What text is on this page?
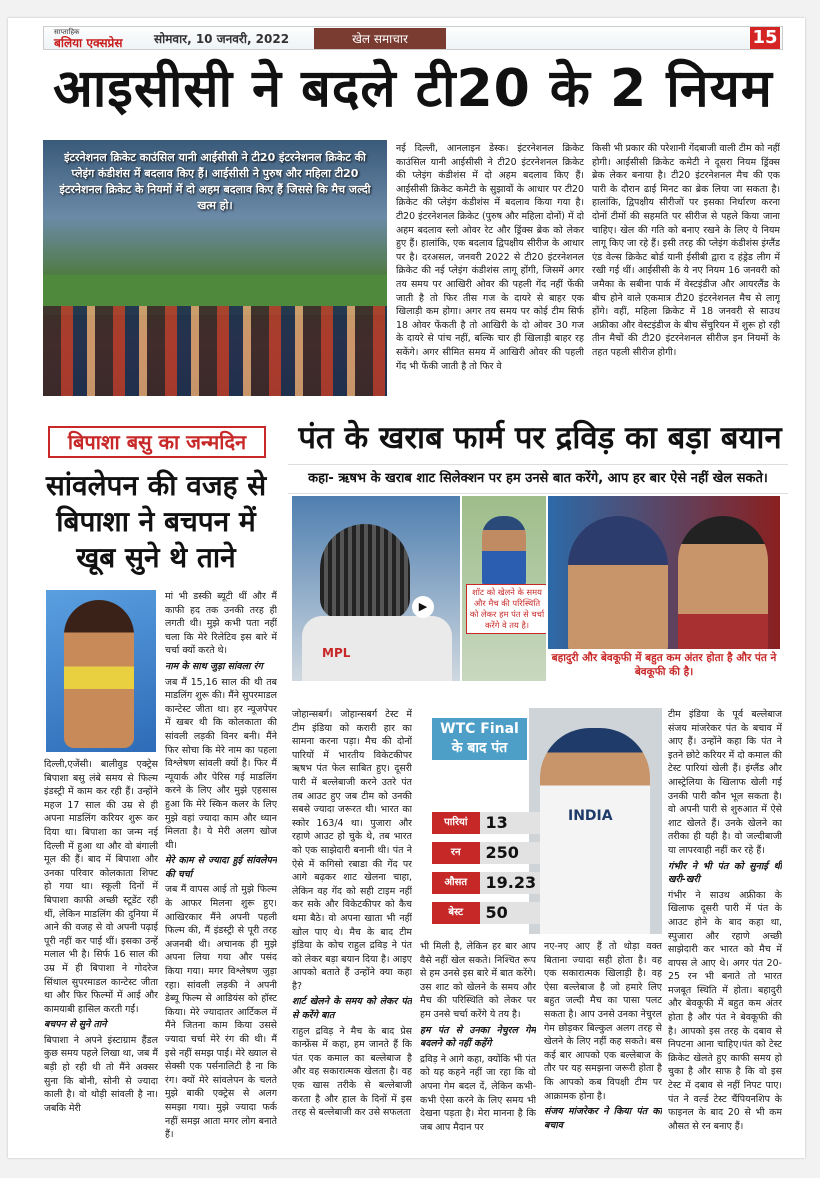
साप्ताहिक
बलिया एक्सप्रेस	सोमवार, 10 जनवरी, 2022	खेल समाचार	15
आइसीसी ने बदले टी20 के 2 नियम
इंटरनेशनल क्रिकेट काउंसिल यानी आईसीसी ने टी20 इंटरनेशनल क्रिकेट की प्लेइंग कंडीशंस में बदलाव किए हैं। आईसीसी ने पुरुष और महिला टी20 इंटरनेशनल क्रिकेट के नियमों में दो अहम बदलाव किए हैं जिससे कि मैच जल्दी खत्म हो।

नई दिल्ली, आनलाइन डेस्क। इंटरनेशनल क्रिकेट काउंसिल यानी आईसीसी ने टी20 इंटरनेशनल क्रिकेट की प्लेइंग कंडीशंस में दो अहम बदलाव किए हैं। आईसीसी क्रिकेट कमेटी के सुझावों के आधार पर टी20 क्रिकेट की प्लेइंग कंडीशंस में बदलाव किया गया है। टी20 इंटरनेशनल क्रिकेट (पुरुष और महिला दोनों) में दो अहम बदलाव स्लो ओवर रेट और ड्रिंक्स ब्रेक को लेकर हुए हैं। हालांकि, एक बदलाव द्विपक्षीय सीरीज के आधार पर है। दरअसल, जनवरी 2022 से टी20 इंटरनेशनल क्रिकेट की नई प्लेइंग कंडीशंस लागू होंगी, जिसमें अगर तय समय पर आखिरी ओवर की पहली गेंद नहीं फेंकी जाती है तो फिर तीस गज के दायरे से बाहर एक खिलाड़ी कम होगा। अगर तय समय पर कोई टीम सिर्फ 18 ओवर फेंकती है तो आखिरी के दो ओवर 30 गज के दायरे से पांच नहीं, बल्कि चार ही खिलाड़ी बाहर रह सकेंगे। अगर सीमित समय में आखिरी ओवर की पहली गेंद भी फेंकी जाती है तो फिर वे

किसी भी प्रकार की परेशानी गेंदबाजी वाली टीम को नहीं होगी। आईसीसी क्रिकेट कमेटी ने दूसरा नियम ड्रिंक्स ब्रेक लेकर बनाया है। टी20 इंटरनेशनल मैच की एक पारी के दौरान ढाई मिनट का ब्रेक लिया जा सकता है। हालांकि, द्विपक्षीय सीरीजों पर इसका निर्धारण करना दोनों टीमों की सहमति पर सीरीज से पहले किया जाना चाहिए। खेल की गति को बनाए रखने के लिए ये नियम लागू किए जा रहे हैं। इसी तरह की प्लेइंग कंडीशंस इंग्लैंड एंड वेल्स क्रिकेट बोर्ड यानी ईसीबी द्वारा द हंड्रेड लीग में रखी गई थीं। आईसीसी के ये नए नियम 16 जनवरी को जमैका के सबीना पार्क में वेस्टइंडीज और आयरलैंड के बीच होने वाले एकमात्र टी20 इंटरनेशनल मैच से लागू होंगे। वहीं, महिला क्रिकेट में 18 जनवरी से साउथ अफ्रीका और वेस्टइंडीज के बीच सेंचुरियन में शुरू हो रही तीन मैचों की टी20 इंटरनेशनल सीरीज इन नियमों के तहत पहली सीरीज होगी।

बिपाशा बसु का जन्मदिन
सांवलेपन की वजह से बिपाशा ने बचपन में खूब सुने थे ताने

मां भी डस्की ब्यूटी थीं और मैं काफी हद तक उनकी तरह ही लगती थी। मुझे कभी पता नहीं चला कि मेरे रिलेटिव इस बारे में चर्चा क्यों करते थे।

नाम के साथ जुड़ा सांवला रंग

जब मैं 15,16 साल की थी तब माडलिंग शुरू की। मैंने सुपरमाडल कान्टेस्ट जीता था। हर न्यूजपेपर में खबर थी कि कोलकाता की सांवली लड़की विनर बनी। मैंने फिर सोचा कि मेरे नाम का पहला विश्लेषण सांवली क्यों है। फिर मैं न्यूयार्क और पेरिस गई माडलिंग करने के लिए और मुझे एहसास हुआ कि मेरे स्किन कलर के लिए मुझे वहां ज्यादा काम और ध्यान मिलता है। ये मेरी अलग खोज थी।

मेरे काम से ज्यादा हुई सांवलेपन की चर्चा

जब मैं वापस आई तो मुझे फिल्म के आफर मिलना शुरू हुए। आखिरकार मैंने अपनी पहली फिल्म की, मैं इंडस्ट्री से पूरी तरह अजनबी थी। अचानक ही मुझे अपना लिया गया और पसंद किया गया। मगर विश्लेषण जुड़ा रहा। सांवली लड़की ने अपनी डेब्यू फिल्म से आडियंस को हॉस्ट किया। मेरे ज्यादातर आर्टिकल में मैंने जितना काम किया उससे ज्यादा चर्चा मेरे रंग की थी। मैं इसे नहीं समझ पाई। मेरे ख्याल से सेक्सी एक पर्सनालिटी है ना कि रंग। क्यों मेरे सांवलेपन के चलते मुझे बाकी एक्ट्रेस से अलग समझा गया। मुझे ज्यादा फर्क नहीं समझ आता मगर लोग बनाते हैं।

दिल्ली,एजेंसी। बालीवुड एक्ट्रेस बिपाशा बसु लंबे समय से फिल्म इंडस्ट्री में काम कर रही हैं। उन्होंने महज 17 साल की उम्र से ही अपना माडलिंग करियर शुरू कर दिया था। बिपाशा का जन्म नई दिल्ली में हुआ था और वो बंगाली मूल की हैं। बाद में बिपाशा और उनका परिवार कोलकाता शिफ्ट हो गया था। स्कूली दिनों में बिपाशा काफी अच्छी स्टूडेंट रही थीं, लेकिन माडलिंग की दुनिया में आने की वजह से वो अपनी पढ़ाई पूरी नहीं कर पाई थीं। इसका उन्हें मलाल भी है। सिर्फ 16 साल की उम्र में ही बिपाशा ने गोदरेज सिंथाल सुपरमाडल कान्टेस्ट जीता था और फिर फिल्मों में आई और कामयाबी हासिल करती गईं।

बचपन से सुने ताने

बिपाशा ने अपने इंस्टाग्राम हैंडल कुछ समय पहले लिखा था, जब मैं बड़ी हो रही थी तो मैंने अक्सर सुना कि बोनी, सोनी से ज्यादा काली है। वो थोड़ी सांवली है ना। जबकि मेरी

पंत के खराब फार्म पर द्रविड़ का बड़ा बयान
कहा- ऋषभ के खराब शाट सिलेक्शन पर हम उनसे बात करेंगे, आप हर बार ऐसे नहीं खेल सकते।
MPL
▶
शॉट को खेलने के समय और मैच की परिस्थिति को लेकर हम पंत से चर्चा करेंगे वे तय है।
बहादुरी और बेवकूफी में बहुत कम अंतर होता है और पंत ने बेवकूफी की है।

जोहान्सबर्ग। जोहान्सबर्ग टेस्ट में टीम इंडिया को करारी हार का सामना करना पड़ा। मैच की दोनों पारियों में भारतीय विकेटकीपर ऋषभ पंत फेल साबित हुए। दूसरी पारी में बल्लेबाजी करने उतरे पंत तब आउट हुए जब टीम को उनकी सबसे ज्यादा जरूरत थी। भारत का स्कोर 163/4 था। पुजारा और रहाणे आउट हो चुके थे, तब भारत को एक साझेदारी बनानी थी। पंत ने ऐसे में कगिसो रबाडा की गेंद पर आगे बढ़कर शाट खेलना चाहा, लेकिन वह गेंद को सही टाइम नहीं कर सके और विकेटकीपर को कैच थमा बैठे। वो अपना खाता भी नहीं खोल पाए थे। मैच के बाद टीम इंडिया के कोच राहुल द्रविड़ ने पंत को लेकर बड़ा बयान दिया है। आइए आपको बताते हैं उन्होंने क्या कहा है?

शार्ट खेलने के समय को लेकर पंत से करेंगे बात

राहुल द्रविड़ ने मैच के बाद प्रेस कान्फ्रेंस में कहा, हम जानते हैं कि पंत एक कमाल का बल्लेबाज है और वह सकारात्मक खेलता है। वह एक खास तरीके से बल्लेबाजी करता है और हाल के दिनों में इस तरह से बल्लेबाजी कर उसे सफलता

WTC Final
के बाद पंत
पारियां	13
रन	250
औसत	19.23
बेस्ट	50
INDIA

भी मिली है, लेकिन हर बार आप वैसे नहीं खेल सकते। निश्चित रूप से हम उनसे इस बारे में बात करेंगे। उस शाट को खेलने के समय और मैच की परिस्थिति को लेकर पर हम उनसे चर्चा करेंगे ये तय है।

हम पंत से उनका नेचुरल गेम बदलने को नहीं कहेंगे

द्रविड़ ने आगे कहा, क्योंकि भी पंत को यह कहने नहीं जा रहा कि वो अपना गेम बदल दें, लेकिन कभी-कभी ऐसा करने के लिए समय भी देखना पड़ता है। मेरा मानना है कि जब आप मैदान पर

नए-नए आए हैं तो थोड़ा वक्त बिताना ज्यादा सही होता है। वह एक सकारात्मक खिलाड़ी है। वह ऐसा बल्लेबाज है जो हमारे लिए बहुत जल्दी मैच का पासा पलट सकता है। आप उनसे उनका नेचुरल गेम छोड़कर बिल्कुल अलग तरह से खेलने के लिए नहीं कह सकते। बस कई बार आपको एक बल्लेबाज के तौर पर यह समझना जरूरी होता है कि आपको कब विपक्षी टीम पर आक्रामक होना है।

संजय मांजरेकर ने किया पंत का बचाव

टीम इंडिया के पूर्व बल्लेबाज संजय मांजरेकर पंत के बचाव में आए हैं। उन्होंने कहा कि पंत ने इतने छोटे करियर में दो कमाल की टेस्ट पारियां खेली हैं। इंग्लैंड और आस्ट्रेलिया के खिलाफ खेली गई उनकी पारी कौन भूल सकता है। वो अपनी पारी से शुरुआत में ऐसे शाट खेलते हैं। उनके खेलने का तरीका ही यही है। वो जल्दीबाजी या लापरवाही नहीं कर रहे हैं।

गंभीर ने भी पंत को सुनाई थी खरी-खरी

गंभीर ने साउथ अफ्रीका के खिलाफ दूसरी पारी में पंत के आउट होने के बाद कहा था, स्पुजारा और रहाणे अच्छी साझेदारी कर भारत को मैच में वापस ले आए थे। अगर पंत 20-25 रन भी बनाते तो भारत मजबूत स्थिति में होता। बहादुरी और बेवकूफी में बहुत कम अंतर होता है और पंत ने बेवकूफी की है। आपको इस तरह के दबाव से निपटना आना चाहिए।पंत को टेस्ट क्रिकेट खेलते हुए काफी समय हो चुका है और साफ है कि वो इस टेस्ट में दबाव से नहीं निपट पाए। पंत ने वर्ल्ड टेस्ट चैंपियनशिप के फाइनल के बाद 20 से भी कम औसत से रन बनाए हैं।
